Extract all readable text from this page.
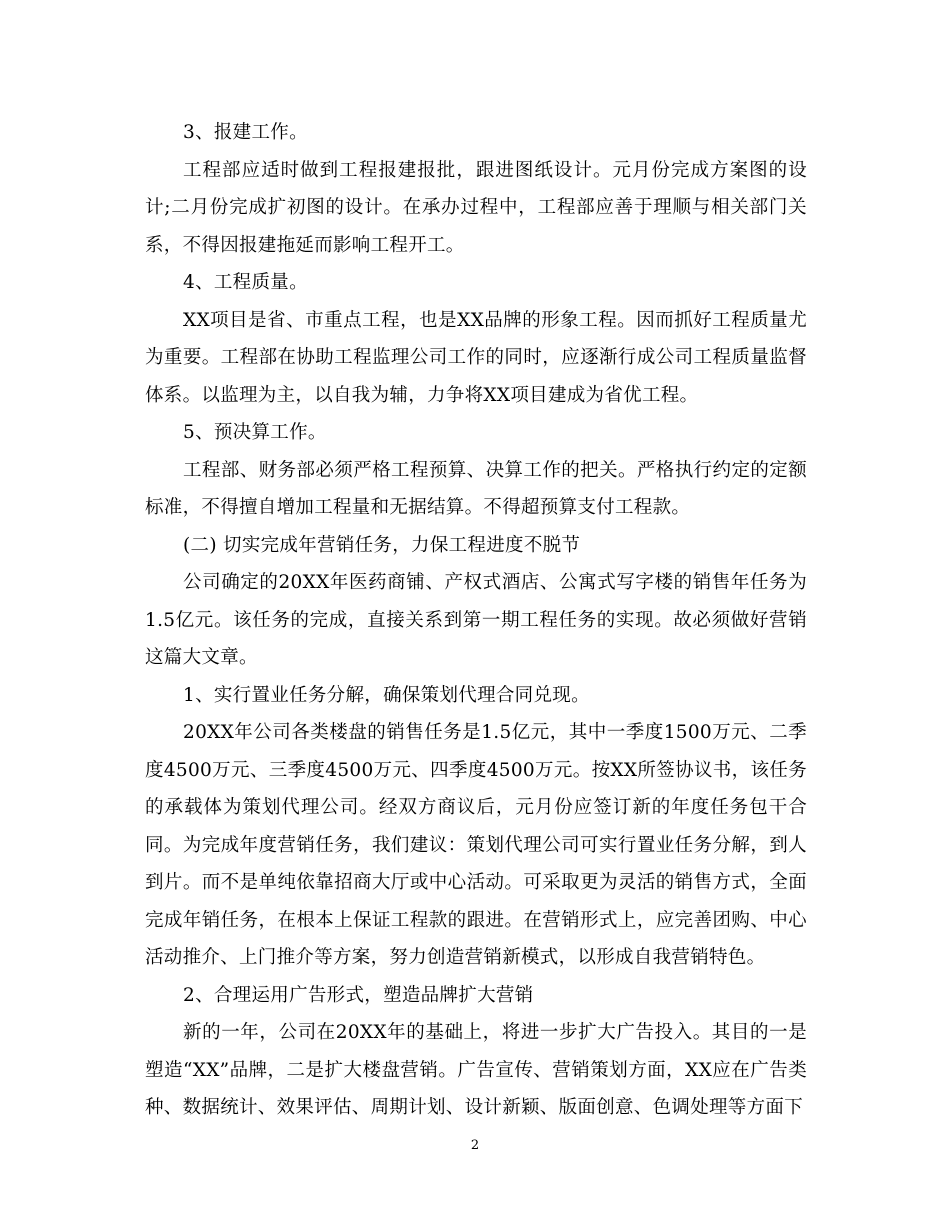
3、报建工作。

工程部应适时做到工程报建报批，跟进图纸设计。元月份完成方案图的设计;二月份完成扩初图的设计。在承办过程中，工程部应善于理顺与相关部门关系，不得因报建拖延而影响工程开工。

4、工程质量。

XX项目是省、市重点工程，也是XX品牌的形象工程。因而抓好工程质量尤为重要。工程部在协助工程监理公司工作的同时，应逐渐行成公司工程质量监督体系。以监理为主，以自我为辅，力争将XX项目建成为省优工程。

5、预决算工作。

工程部、财务部必须严格工程预算、决算工作的把关。严格执行约定的定额标准，不得擅自增加工程量和无据结算。不得超预算支付工程款。

(二) 切实完成年营销任务，力保工程进度不脱节

公司确定的20XX年医药商铺、产权式酒店、公寓式写字楼的销售年任务为1.5亿元。该任务的完成，直接关系到第一期工程任务的实现。故必须做好营销这篇大文章。

1、实行置业任务分解，确保策划代理合同兑现。

20XX年公司各类楼盘的销售任务是1.5亿元，其中一季度1500万元、二季度4500万元、三季度4500万元、四季度4500万元。按XX所签协议书，该任务的承载体为策划代理公司。经双方商议后，元月份应签订新的年度任务包干合同。为完成年度营销任务，我们建议：策划代理公司可实行置业任务分解，到人到片。而不是单纯依靠招商大厅或中心活动。可采取更为灵活的销售方式，全面完成年销任务，在根本上保证工程款的跟进。在营销形式上，应完善团购、中心活动推介、上门推介等方案，努力创造营销新模式，以形成自我营销特色。

2、合理运用广告形式，塑造品牌扩大营销

新的一年，公司在20XX年的基础上，将进一步扩大广告投入。其目的一是塑造“XX”品牌，二是扩大楼盘营销。广告宣传、营销策划方面，XX应在广告类种、数据统计、效果评估、周期计划、设计新颖、版面创意、色调处理等方面下

2
